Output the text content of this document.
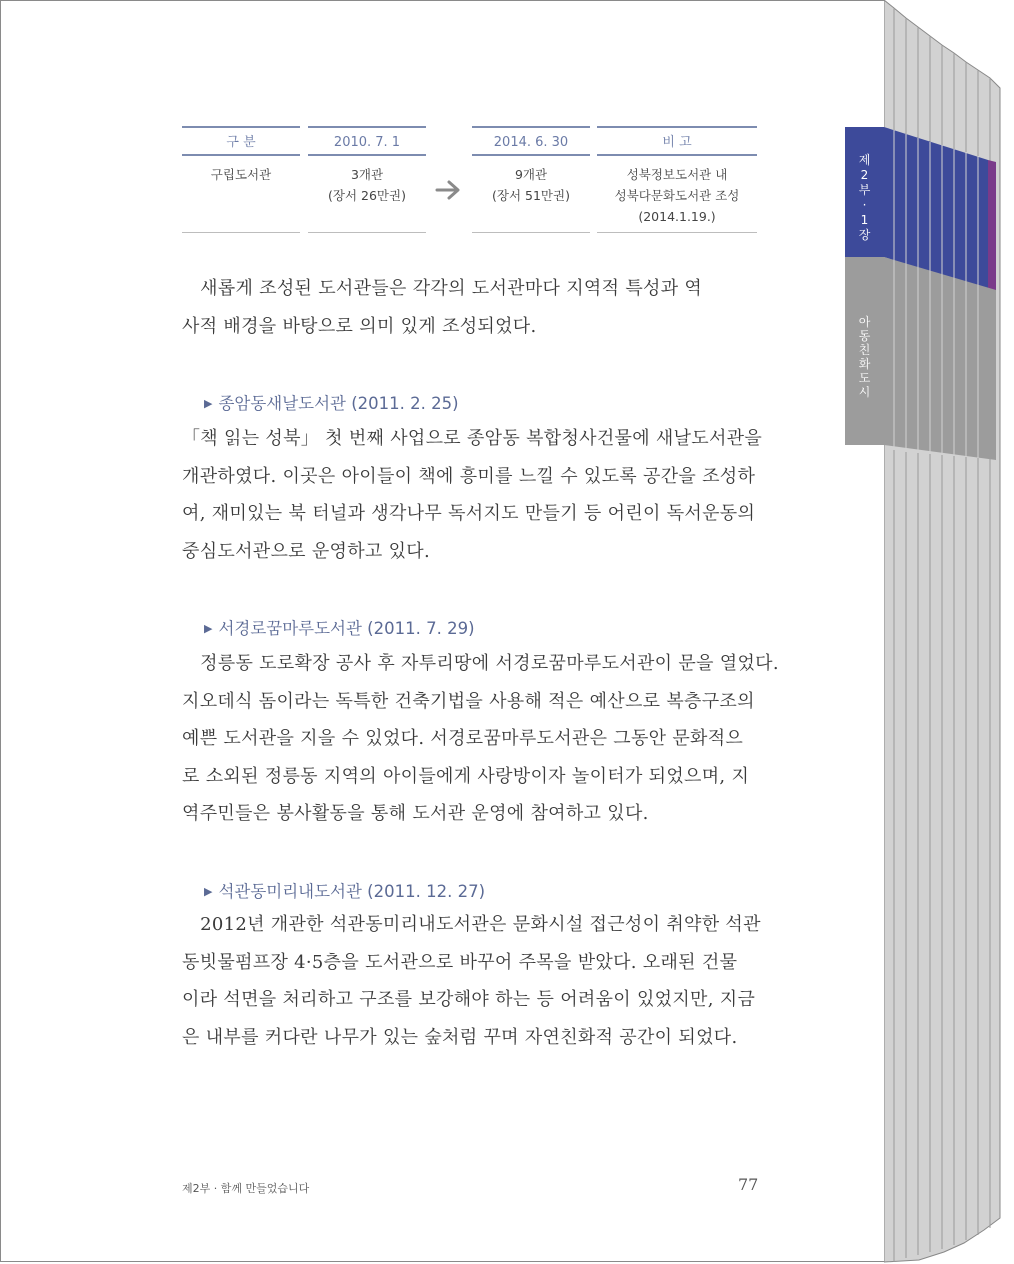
구 분
구립도서관
2010. 7. 1
3개관
(장서 26만권)
2014. 6. 30
9개관
(장서 51만권)
비 고
성북정보도서관 내
성북다문화도서관 조성
(2014.1.19.)
새롭게 조성된 도서관들은 각각의 도서관마다 지역적 특성과 역
사적 배경을 바탕으로 의미 있게 조성되었다.
▶ 종암동새날도서관 (2011. 2. 25)
「책 읽는 성북」 첫 번째 사업으로 종암동 복합청사건물에 새날도서관을
개관하였다. 이곳은 아이들이 책에 흥미를 느낄 수 있도록 공간을 조성하
여, 재미있는 북 터널과 생각나무 독서지도 만들기 등 어린이 독서운동의
중심도서관으로 운영하고 있다.
▶ 서경로꿈마루도서관 (2011. 7. 29)
정릉동 도로확장 공사 후 자투리땅에 서경로꿈마루도서관이 문을 열었다.
지오데식 돔이라는 독특한 건축기법을 사용해 적은 예산으로 복층구조의
예쁜 도서관을 지을 수 있었다. 서경로꿈마루도서관은 그동안 문화적으
로 소외된 정릉동 지역의 아이들에게 사랑방이자 놀이터가 되었으며, 지
역주민들은 봉사활동을 통해 도서관 운영에 참여하고 있다.
▶ 석관동미리내도서관 (2011. 12. 27)
2012년 개관한 석관동미리내도서관은 문화시설 접근성이 취약한 석관
동빗물펌프장 4·5층을 도서관으로 바꾸어 주목을 받았다. 오래된 건물
이라 석면을 처리하고 구조를 보강해야 하는 등 어려움이 있었지만, 지금
은 내부를 커다란 나무가 있는 숲처럼 꾸며 자연친화적 공간이 되었다.
제2부 · 함께 만들었습니다	77
제
2
부
·
1
장
아
동
친
화
도
시
